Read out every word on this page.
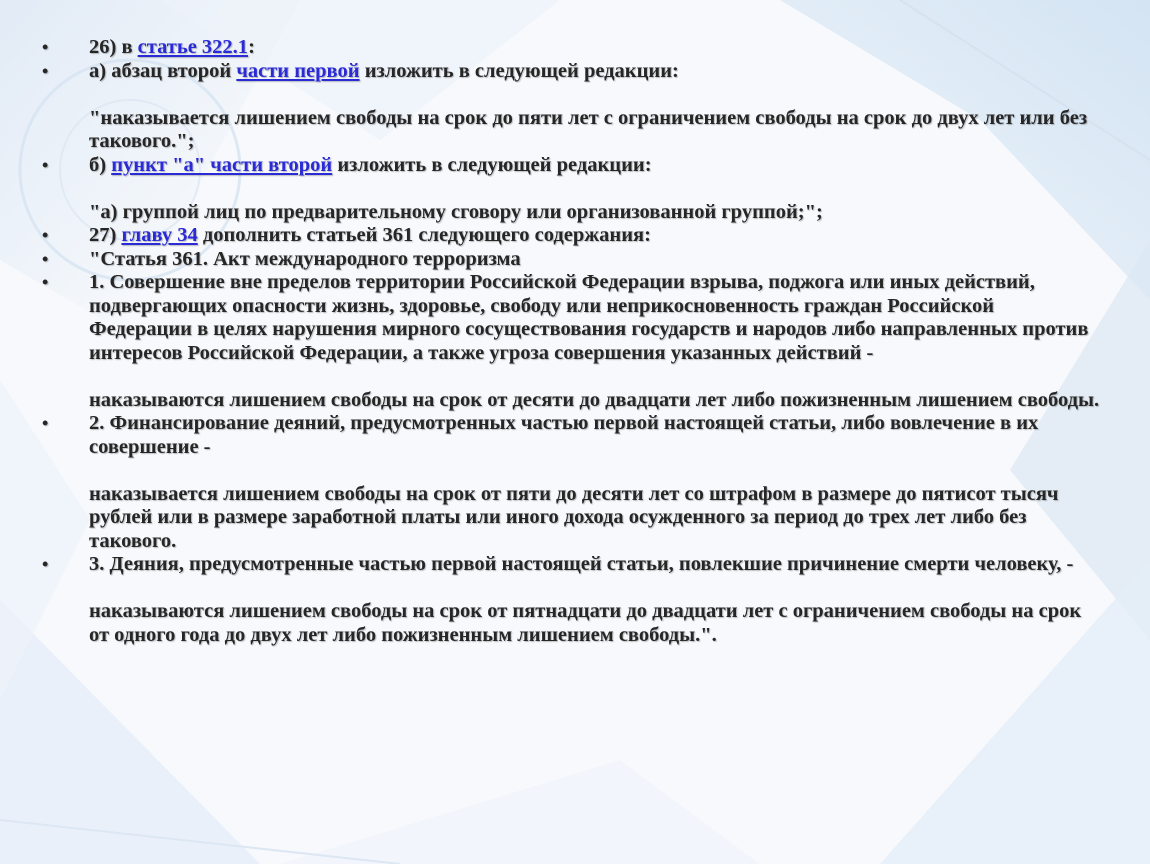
•	26) в статье 322.1:
•	а) абзац второй части первой изложить в следующей редакции:
"наказывается лишением свободы на срок до пяти лет с ограничением свободы на срок до двух лет или без такового.";
•	б) пункт "а" части второй изложить в следующей редакции:
"а) группой лиц по предварительному сговору или организованной группой;";
•	27) главу 34 дополнить статьей 361 следующего содержания:
•	"Статья 361. Акт международного терроризма
•	1. Совершение вне пределов территории Российской Федерации взрыва, поджога или иных действий, подвергающих опасности жизнь, здоровье, свободу или неприкосновенность граждан Российской Федерации в целях нарушения мирного сосуществования государств и народов либо направленных против интересов Российской Федерации, а также угроза совершения указанных действий -
наказываются лишением свободы на срок от десяти до двадцати лет либо пожизненным лишением свободы.
•	2. Финансирование деяний, предусмотренных частью первой настоящей статьи, либо вовлечение в их совершение -
наказывается лишением свободы на срок от пяти до десяти лет со штрафом в размере до пятисот тысяч рублей или в размере заработной платы или иного дохода осужденного за период до трех лет либо без такового.
•	3. Деяния, предусмотренные частью первой настоящей статьи, повлекшие причинение смерти человеку, -
наказываются лишением свободы на срок от пятнадцати до двадцати лет с ограничением свободы на срок от одного года до двух лет либо пожизненным лишением свободы.".
